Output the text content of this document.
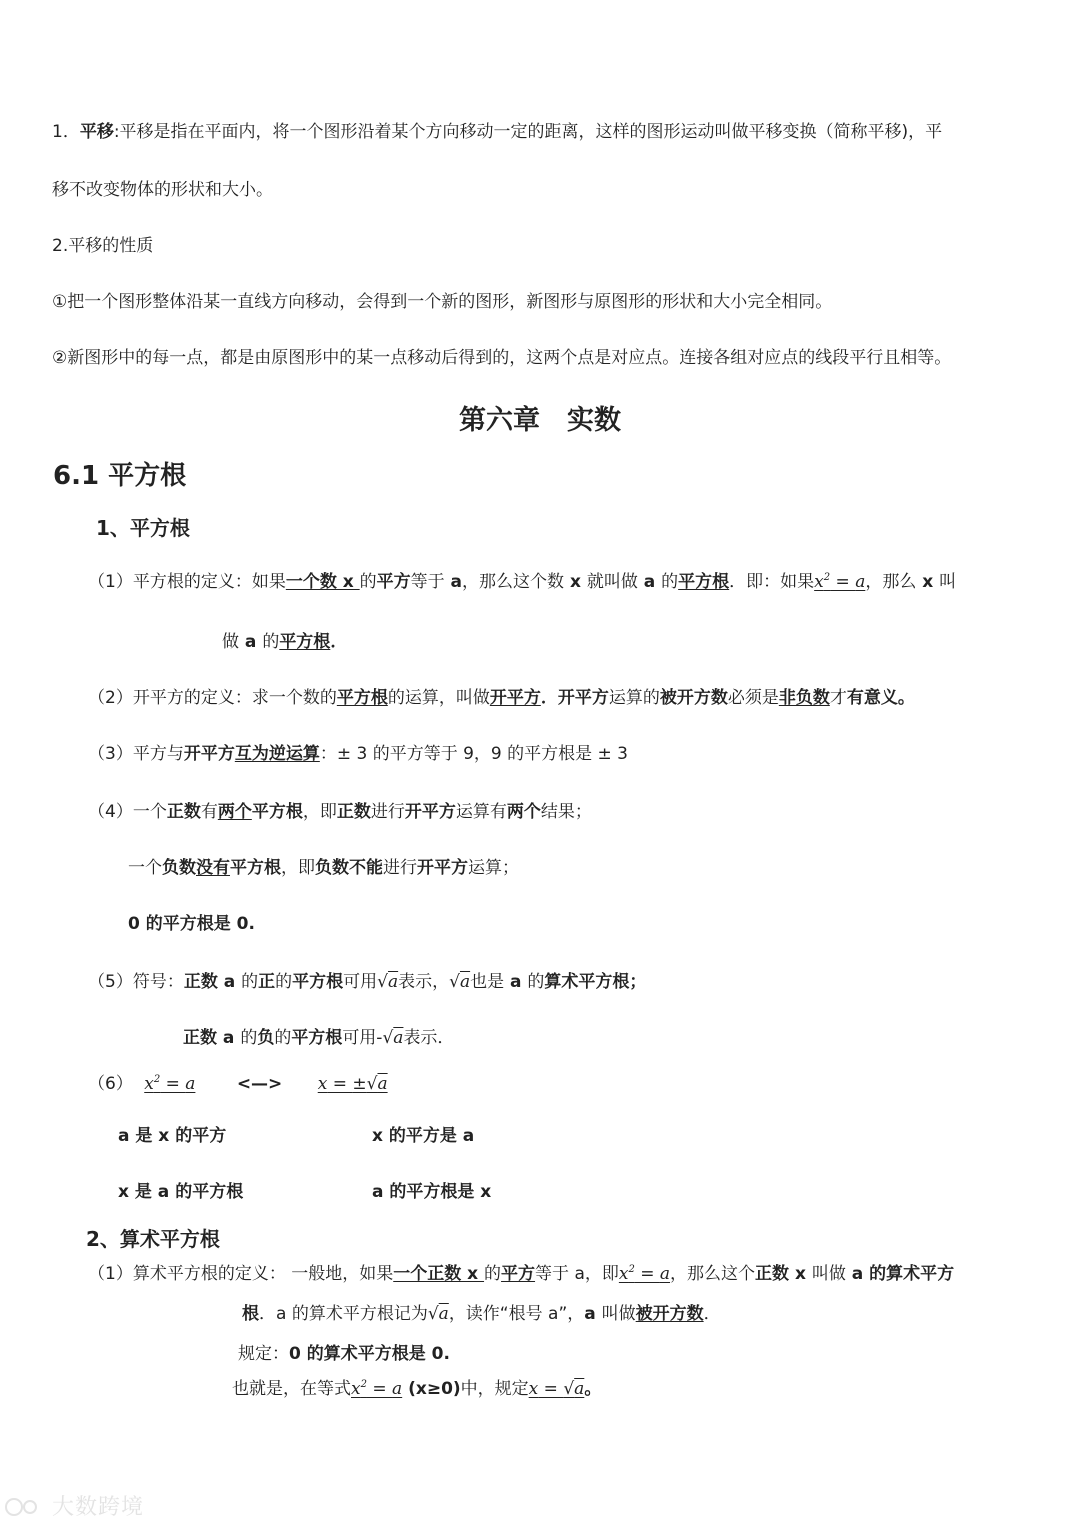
1．平移:平移是指在平面内，将一个图形沿着某个方向移动一定的距离，这样的图形运动叫做平移变换（简称平移)，平
移不改变物体的形状和大小。
2.平移的性质
①把一个图形整体沿某一直线方向移动，会得到一个新的图形，新图形与原图形的形状和大小完全相同。
②新图形中的每一点，都是由原图形中的某一点移动后得到的，这两个点是对应点。连接各组对应点的线段平行且相等。
第六章　实数
6.1 平方根
1、平方根
（1）平方根的定义：如果一个数 x 的平方等于 a，那么这个数 x 就叫做 a 的平方根．即：如果$x^2 = a$，那么 x 叫
做 a 的平方根．
（2）开平方的定义：求一个数的平方根的运算，叫做开平方．开平方运算的被开方数必须是非负数才有意义。
（3）平方与开平方互为逆运算：± 3 的平方等于 9，9 的平方根是 ± 3
（4）一个正数有两个平方根，即正数进行开平方运算有两个结果；
一个负数没有平方根，即负数不能进行开平方运算；
0 的平方根是 0.
（5）符号：正数 a 的正的平方根可用√a表示，√a也是 a 的算术平方根；
正数 a 的负的平方根可用-√a表示．
（6） $x^2 = a$ <—> x = ±√a
a 是 x 的平方	x 的平方是 a
x 是 a 的平方根	a 的平方根是 x
2、算术平方根
（1）算术平方根的定义： 一般地，如果一个正数 x 的平方等于 a，即$x^2 = a$，那么这个正数 x 叫做 a 的算术平方
根．a 的算术平方根记为√a，读作“根号 a”，a 叫做被开方数．
规定：0 的算术平方根是 0.
也就是，在等式$x^2 = a$ (x≥0)中，规定x = √a。
大数跨境
